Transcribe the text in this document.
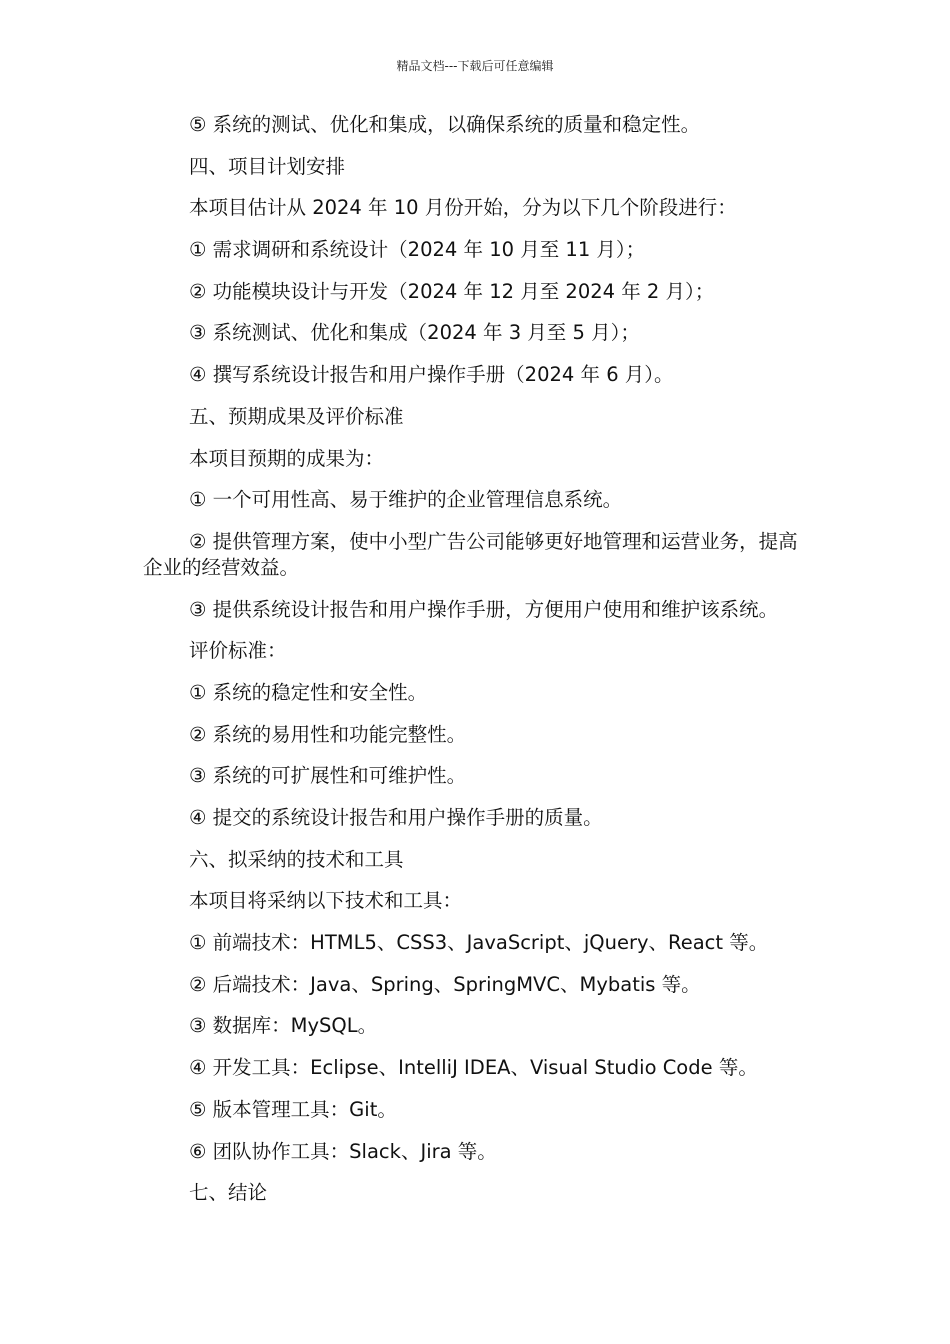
精品文档---下载后可任意编辑

⑤ 系统的测试、优化和集成，以确保系统的质量和稳定性。

四、项目计划安排

本项目估计从 2024 年 10 月份开始，分为以下几个阶段进行：

① 需求调研和系统设计（2024 年 10 月至 11 月）；

② 功能模块设计与开发（2024 年 12 月至 2024 年 2 月）；

③ 系统测试、优化和集成（2024 年 3 月至 5 月）；

④ 撰写系统设计报告和用户操作手册（2024 年 6 月）。

五、预期成果及评价标准

本项目预期的成果为：

① 一个可用性高、易于维护的企业管理信息系统。

② 提供管理方案，使中小型广告公司能够更好地管理和运营业务，提高企业的经营效益。

③ 提供系统设计报告和用户操作手册，方便用户使用和维护该系统。

评价标准：

① 系统的稳定性和安全性。

② 系统的易用性和功能完整性。

③ 系统的可扩展性和可维护性。

④ 提交的系统设计报告和用户操作手册的质量。

六、拟采纳的技术和工具

本项目将采纳以下技术和工具：

① 前端技术：HTML5、CSS3、JavaScript、jQuery、React 等。

② 后端技术：Java、Spring、SpringMVC、Mybatis 等。

③ 数据库：MySQL。

④ 开发工具：Eclipse、IntelliJ IDEA、Visual Studio Code 等。

⑤ 版本管理工具：Git。

⑥ 团队协作工具：Slack、Jira 等。

七、结论
